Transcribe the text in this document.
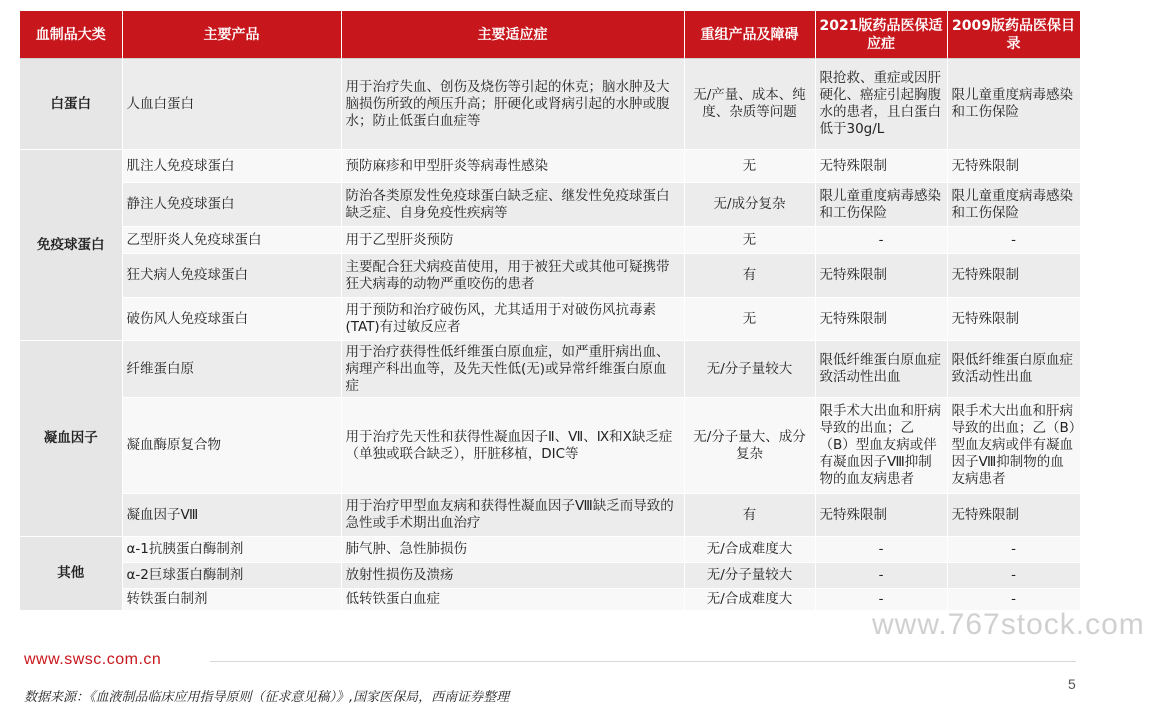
血制品大类	主要产品	主要适应症	重组产品及障碍	2021版药品医保适应症	2009版药品医保目录
白蛋白	人血白蛋白	用于治疗失血、创伤及烧伤等引起的休克；脑水肿及大脑损伤所致的颅压升高；肝硬化或肾病引起的水肿或腹水；防止低蛋白血症等	无/产量、成本、纯度、杂质等问题	限抢救、重症或因肝硬化、癌症引起胸腹水的患者，且白蛋白低于30g/L	限儿童重度病毒感染和工伤保险
免疫球蛋白	肌注人免疫球蛋白	预防麻疹和甲型肝炎等病毒性感染	无	无特殊限制	无特殊限制
	静注人免疫球蛋白	防治各类原发性免疫球蛋白缺乏症、继发性免疫球蛋白缺乏症、自身免疫性疾病等	无/成分复杂	限儿童重度病毒感染和工伤保险	限儿童重度病毒感染和工伤保险
	乙型肝炎人免疫球蛋白	用于乙型肝炎预防	无	-	-
	狂犬病人免疫球蛋白	主要配合狂犬病疫苗使用，用于被狂犬或其他可疑携带狂犬病毒的动物严重咬伤的患者	有	无特殊限制	无特殊限制
	破伤风人免疫球蛋白	用于预防和治疗破伤风，尤其适用于对破伤风抗毒素(TAT)有过敏反应者	无	无特殊限制	无特殊限制
凝血因子	纤维蛋白原	用于治疗获得性低纤维蛋白原血症，如严重肝病出血、病理产科出血等，及先天性低(无)或异常纤维蛋白原血症	无/分子量较大	限低纤维蛋白原血症致活动性出血	限低纤维蛋白原血症致活动性出血
	凝血酶原复合物	用于治疗先天性和获得性凝血因子Ⅱ、Ⅶ、Ⅸ和Ⅹ缺乏症（单独或联合缺乏），肝脏移植，DIC等	无/分子量大、成分复杂	限手术大出血和肝病导致的出血；乙（B）型血友病或伴有凝血因子Ⅷ抑制物的血友病患者	限手术大出血和肝病导致的出血；乙（B）型血友病或伴有凝血因子Ⅷ抑制物的血友病患者
	凝血因子Ⅷ	用于治疗甲型血友病和获得性凝血因子Ⅷ缺乏而导致的急性或手术期出血治疗	有	无特殊限制	无特殊限制
其他	α-1抗胰蛋白酶制剂	肺气肿、急性肺损伤	无/合成难度大	-	-
	α-2巨球蛋白酶制剂	放射性损伤及溃疡	无/分子量较大	-	-
	转铁蛋白制剂	低转铁蛋白血症	无/合成难度大	-	-
www.767stock.com
www.swsc.com.cn
5
数据来源：《血液制品临床应用指导原则（征求意见稿）》,国家医保局，西南证券整理
